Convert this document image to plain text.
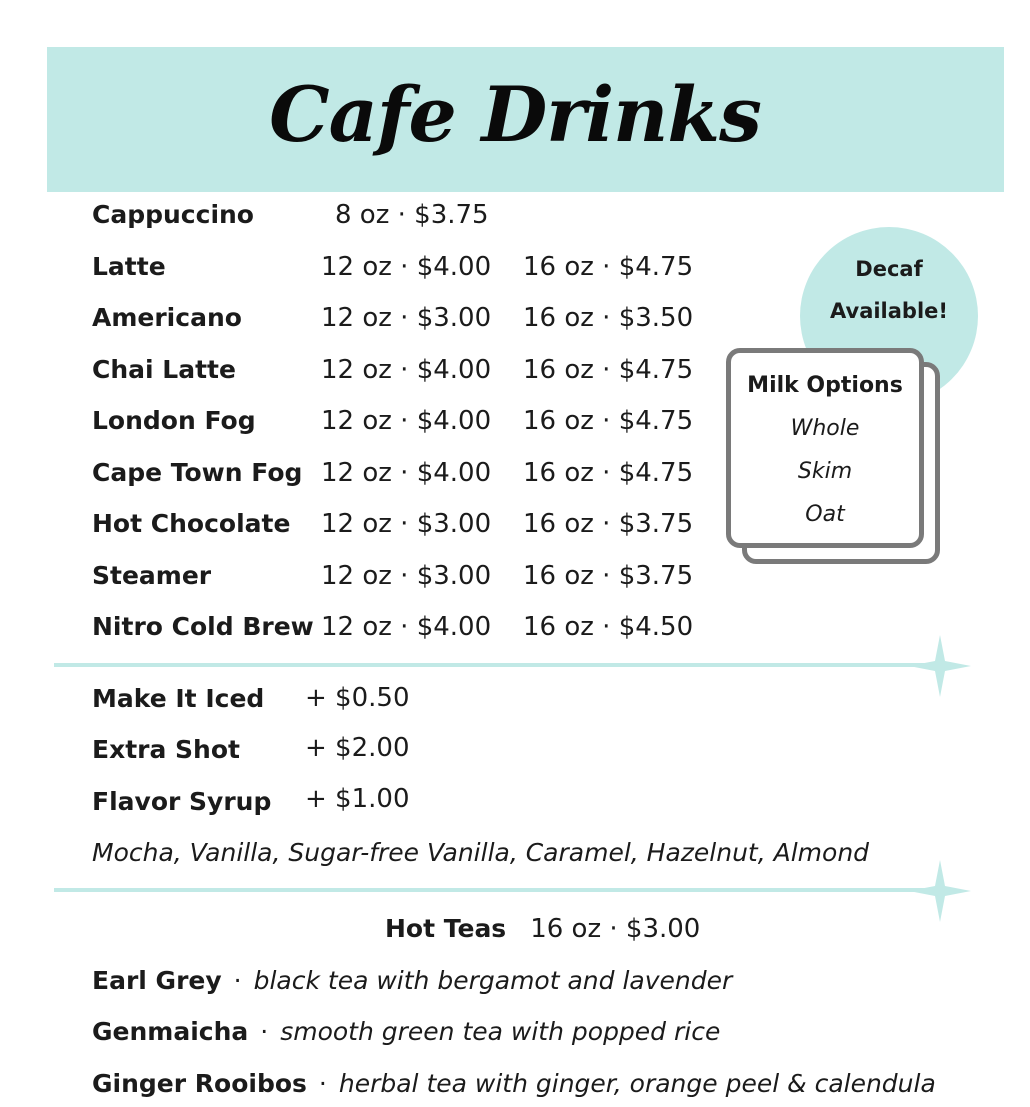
Cafe Drinks
Cappuccino	8 oz · $3.75
Latte	12 oz · $4.00 16 oz · $4.75
Americano	12 oz · $3.00 16 oz · $3.50
Chai Latte	12 oz · $4.00 16 oz · $4.75
London Fog	12 oz · $4.00 16 oz · $4.75
Cape Town Fog 12 oz · $4.00 16 oz · $4.75
Hot Chocolate 12 oz · $3.00 16 oz · $3.75
Steamer	12 oz · $3.00 16 oz · $3.75
Nitro Cold Brew 12 oz · $4.00 16 oz · $4.50
Decaf
Available!
Milk Options
Whole
Skim
Oat
Make It Iced + $0.50
Extra Shot	+ $2.00
Flavor Syrup + $1.00
Mocha, Vanilla, Sugar-free Vanilla, Caramel, Hazelnut, Almond
Hot Teas 16 oz · $3.00
Earl Grey · black tea with bergamot and lavender
Genmaicha · smooth green tea with popped rice
Ginger Rooibos · herbal tea with ginger, orange peel & calendula
